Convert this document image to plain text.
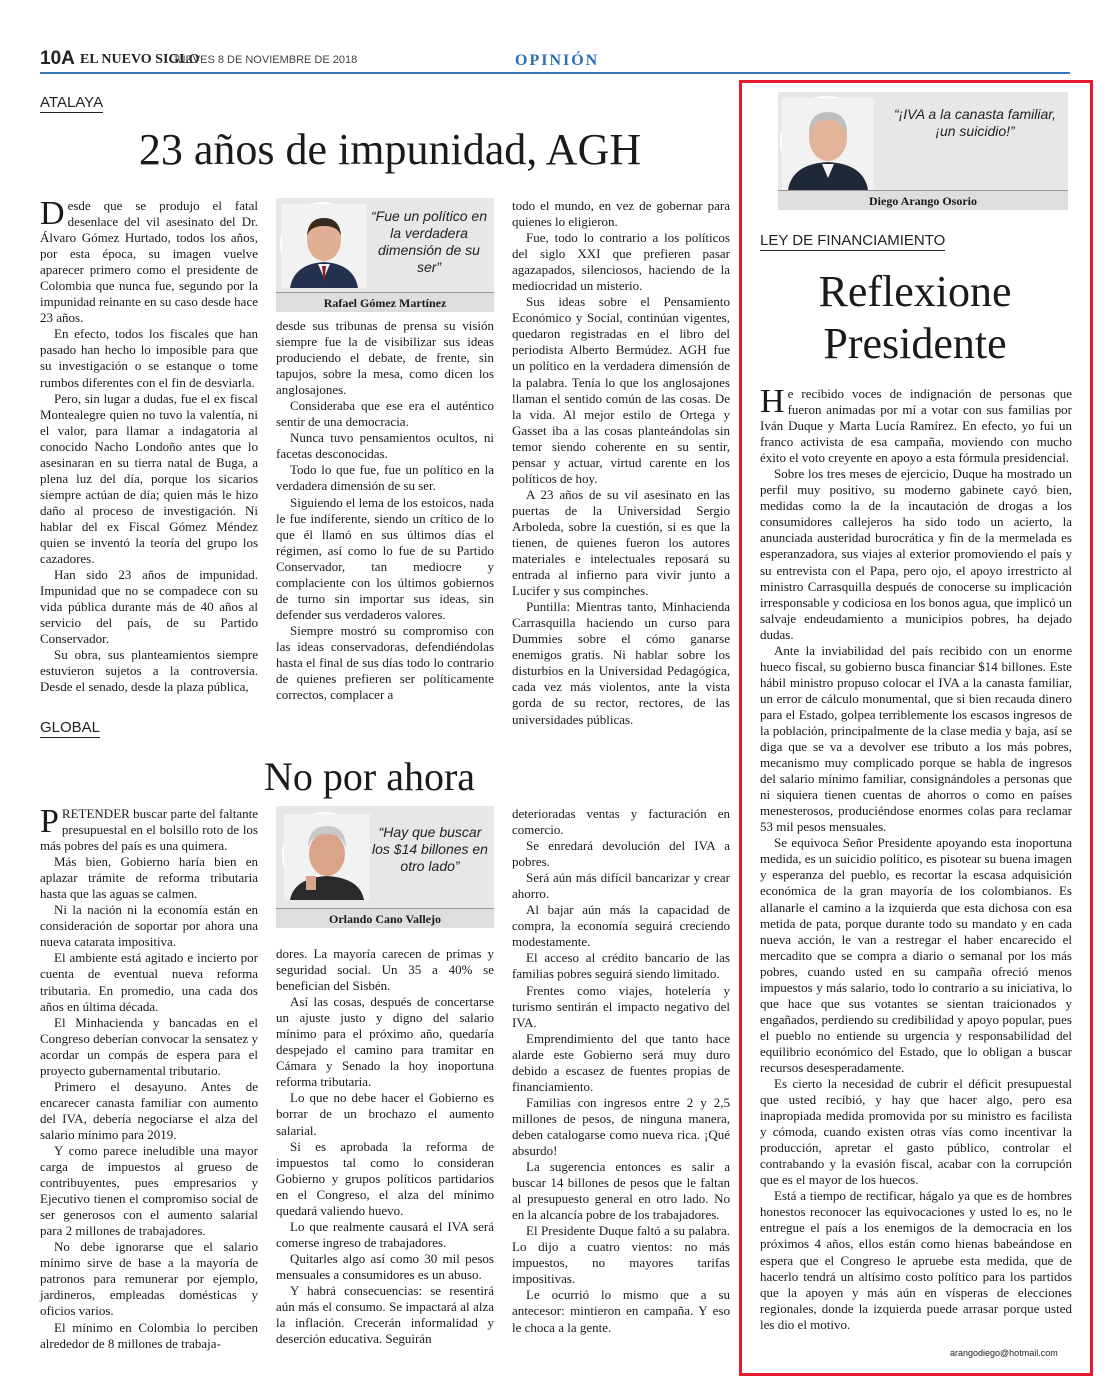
10A EL NUEVO SIGLO
JUEVES 8 DE NOVIEMBRE DE 2018	OPINIÓN
ATALAYA
23 años de impunidad, AGH

Desde que se produjo el fatal desenlace del vil asesinato del Dr. Álvaro Gómez Hurtado, todos los años, por esta época, su imagen vuelve aparecer primero como el presidente de Colombia que nunca fue, segundo por la impunidad reinante en su caso desde hace 23 años.

En efecto, todos los fiscales que han pasado han hecho lo imposible para que su investigación o se estanque o tome rumbos diferentes con el fin de desviarla.

Pero, sin lugar a dudas, fue el ex fiscal Montealegre quien no tuvo la valentía, ni el valor, para llamar a indagatoria al conocido Nacho Londoño antes que lo asesinaran en su tierra natal de Buga, a plena luz del día, porque los sicarios siempre actúan de día; quien más le hizo daño al proceso de investigación. Ni hablar del ex Fiscal Gómez Méndez quien se inventó la teoría del grupo los cazadores.

Han sido 23 años de impunidad. Impunidad que no se compadece con su vida pública durante más de 40 años al servicio del país, de su Partido Conservador.

Su obra, sus planteamientos siempre estuvieron sujetos a la controversia. Desde el senado, desde la plaza pública,

“Fue un político en la verdadera dimensión de su ser”
Rafael Gómez Martínez

desde sus tribunas de prensa su visión siempre fue la de visibilizar sus ideas produciendo el debate, de frente, sin tapujos, sobre la mesa, como dicen los anglosajones.

Consideraba que ese era el auténtico sentir de una democracia.

Nunca tuvo pensamientos ocultos, ni facetas desconocidas.

Todo lo que fue, fue un político en la verdadera dimensión de su ser.

Siguiendo el lema de los estoicos, nada le fue indiferente, siendo un crítico de lo que él llamó en sus últimos días el régimen, así como lo fue de su Partido Conservador, tan mediocre y complaciente con los últimos gobiernos de turno sin importar sus ideas, sin defender sus verdaderos valores.

Siempre mostró su compromiso con las ideas conservadoras, defendiéndolas hasta el final de sus días todo lo contrario de quienes prefieren ser políticamente correctos, complacer a

todo el mundo, en vez de gobernar para quienes lo eligieron.

Fue, todo lo contrario a los políticos del siglo XXI que prefieren pasar agazapados, silenciosos, haciendo de la mediocridad un misterio.

Sus ideas sobre el Pensamiento Económico y Social, continúan vigentes, quedaron registradas en el libro del periodista Alberto Bermúdez. AGH fue un político en la verdadera dimensión de la palabra. Tenía lo que los anglosajones llaman el sentido común de las cosas. De la vida. Al mejor estilo de Ortega y Gasset iba a las cosas planteándolas sin temor siendo coherente en su sentir, pensar y actuar, virtud carente en los políticos de hoy.

A 23 años de su vil asesinato en las puertas de la Universidad Sergio Arboleda, sobre la cuestión, si es que la tienen, de quienes fueron los autores materiales e intelectuales reposará su entrada al infierno para vivir junto a Lucifer y sus compinches.

Puntilla: Mientras tanto, Minhacienda Carrasquilla haciendo un curso para Dummies sobre el cómo ganarse enemigos gratis. Ni hablar sobre los disturbios en la Universidad Pedagógica, cada vez más violentos, ante la vista gorda de su rector, rectores, de las universidades públicas.

GLOBAL
No por ahora

PRETENDER buscar parte del faltante presupuestal en el bolsillo roto de los más pobres del país es una quimera.

Más bien, Gobierno haría bien en aplazar trámite de reforma tributaria hasta que las aguas se calmen.

Ni la nación ni la economía están en consideración de soportar por ahora una nueva catarata impositiva.

El ambiente está agitado e incierto por cuenta de eventual nueva reforma tributaria. En promedio, una cada dos años en última década.

El Minhacienda y bancadas en el Congreso deberían convocar la sensatez y acordar un compás de espera para el proyecto gubernamental tributario.

Primero el desayuno. Antes de encarecer canasta familiar con aumento del IVA, debería negociarse el alza del salario mínimo para 2019.

Y como parece ineludible una mayor carga de impuestos al grueso de contribuyentes, pues empresarios y Ejecutivo tienen el compromiso social de ser generosos con el aumento salarial para 2 millones de trabajadores.

No debe ignorarse que el salario mínimo sirve de base a la mayoría de patronos para remunerar por ejemplo, jardineros, empleadas domésticas y oficios varios.

El mínimo en Colombia lo perciben alrededor de 8 millones de trabaja-

“Hay que buscar los $14 billones en otro lado”
Orlando Cano Vallejo

dores. La mayoría carecen de primas y seguridad social. Un 35 a 40% se benefician del Sisbén.

Así las cosas, después de concertarse un ajuste justo y digno del salario mínimo para el próximo año, quedaría despejado el camino para tramitar en Cámara y Senado la hoy inoportuna reforma tributaria.

Lo que no debe hacer el Gobierno es borrar de un brochazo el aumento salarial.

Si es aprobada la reforma de impuestos tal como lo consideran Gobierno y grupos políticos partidarios en el Congreso, el alza del mínimo quedará valiendo huevo.

Lo que realmente causará el IVA será comerse ingreso de trabajadores.

Quitarles algo así como 30 mil pesos mensuales a consumidores es un abuso.

Y habrá consecuencias: se resentirá aún más el consumo. Se impactará al alza la inflación. Crecerán informalidad y deserción educativa. Seguirán

deterioradas ventas y facturación en comercio.

Se enredará devolución del IVA a pobres.

Será aún más difícil bancarizar y crear ahorro.

Al bajar aún más la capacidad de compra, la economía seguirá creciendo modestamente.

El acceso al crédito bancario de las familias pobres seguirá siendo limitado.

Frentes como viajes, hotelería y turismo sentirán el impacto negativo del IVA.

Emprendimiento del que tanto hace alarde este Gobierno será muy duro debido a escasez de fuentes propias de financiamiento.

Familias con ingresos entre 2 y 2,5 millones de pesos, de ninguna manera, deben catalogarse como nueva rica. ¡Qué absurdo!

La sugerencia entonces es salir a buscar 14 billones de pesos que le faltan al presupuesto general en otro lado. No en la alcancía pobre de los trabajadores.

El Presidente Duque faltó a su palabra. Lo dijo a cuatro vientos: no más impuestos, no mayores tarifas impositivas.

Le ocurrió lo mismo que a su antecesor: mintieron en campaña. Y eso le choca a la gente.

“¡IVA a la canasta familiar, ¡un suicidio!”
Diego Arango Osorio
LEY DE FINANCIAMIENTO
Reflexione
Presidente

He recibido voces de indignación de personas que fueron animadas por mí a votar con sus familias por Iván Duque y Marta Lucía Ramírez. En efecto, yo fui un franco activista de esa campaña, moviendo con mucho éxito el voto creyente en apoyo a esta fórmula presidencial.

Sobre los tres meses de ejercicio, Duque ha mostrado un perfil muy positivo, su moderno gabinete cayó bien, medidas como la de la incautación de drogas a los consumidores callejeros ha sido todo un acierto, la anunciada austeridad burocrática y fin de la mermelada es esperanzadora, sus viajes al exterior promoviendo el país y su entrevista con el Papa, pero ojo, el apoyo irrestricto al ministro Carrasquilla después de conocerse su implicación irresponsable y codiciosa en los bonos agua, que implicó un salvaje endeudamiento a municipios pobres, ha dejado dudas.

Ante la inviabilidad del país recibido con un enorme hueco fiscal, su gobierno busca financiar $14 billones. Este hábil ministro propuso colocar el IVA a la canasta familiar, un error de cálculo monumental, que si bien recauda dinero para el Estado, golpea terriblemente los escasos ingresos de la población, principalmente de la clase media y baja, así se diga que se va a devolver ese tributo a los más pobres, mecanismo muy complicado porque se habla de ingresos del salario mínimo familiar, consignándoles a personas que ni siquiera tienen cuentas de ahorros o como en países menesterosos, produciéndose enormes colas para reclamar 53 mil pesos mensuales.

Se equivoca Señor Presidente apoyando esta inoportuna medida, es un suicidio político, es pisotear su buena imagen y esperanza del pueblo, es recortar la escasa adquisición económica de la gran mayoría de los colombianos. Es allanarle el camino a la izquierda que esta dichosa con esa metida de pata, porque durante todo su mandato y en cada nueva acción, le van a restregar el haber encarecido el mercadito que se compra a diario o semanal por los más pobres, cuando usted en su campaña ofreció menos impuestos y más salario, todo lo contrario a su iniciativa, lo que hace que sus votantes se sientan traicionados y engañados, perdiendo su credibilidad y apoyo popular, pues el pueblo no entiende su urgencia y responsabilidad del equilibrio económico del Estado, que lo obligan a buscar recursos desesperadamente.

Es cierto la necesidad de cubrir el déficit presupuestal que usted recibió, y hay que hacer algo, pero esa inapropiada medida promovida por su ministro es facilista y cómoda, cuando existen otras vías como incentivar la producción, apretar el gasto público, controlar el contrabando y la evasión fiscal, acabar con la corrupción que es el mayor de los huecos.

Está a tiempo de rectificar, hágalo ya que es de hombres honestos reconocer las equivocaciones y usted lo es, no le entregue el país a los enemigos de la democracia en los próximos 4 años, ellos están como hienas babeándose en espera que el Congreso le apruebe esta medida, que de hacerlo tendrá un altísimo costo político para los partidos que la apoyen y más aún en vísperas de elecciones regionales, donde la izquierda puede arrasar porque usted les dio el motivo.

arangodiego@hotmail.com
